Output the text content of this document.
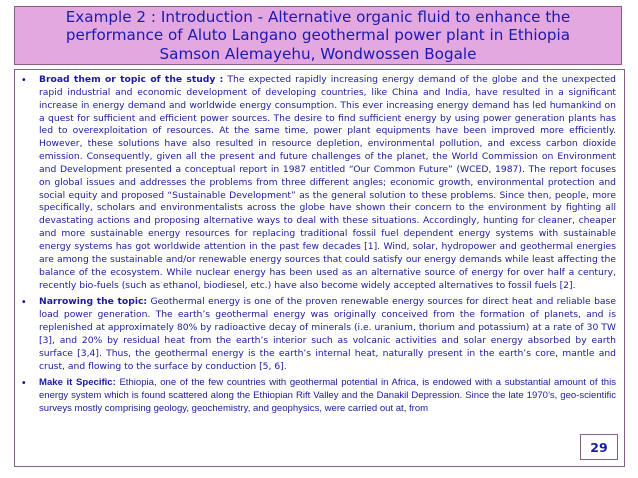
Example 2 : Introduction - Alternative organic fluid to enhance the
performance of Aluto Langano geothermal power plant in Ethiopia
Samson Alemayehu, Wondwossen Bogale
•	Broad them or topic of the study : The expected rapidly increasing energy demand of the globe and the unexpected rapid industrial and economic development of developing countries, like China and India, have resulted in a significant increase in energy demand and worldwide energy consumption. This ever increasing energy demand has led humankind on a quest for sufficient and efficient power sources. The desire to find sufficient energy by using power generation plants has led to overexploitation of resources. At the same time, power plant equipments have been improved more efficiently. However, these solutions have also resulted in resource depletion, environmental pollution, and excess carbon dioxide emission. Consequently, given all the present and future challenges of the planet, the World Commission on Environment and Development presented a conceptual report in 1987 entitled “Our Common Future” (WCED, 1987). The report focuses on global issues and addresses the problems from three different angles; economic growth, environmental protection and social equity and proposed “Sustainable Development” as the general solution to these problems. Since then, people, more specifically, scholars and environmentalists across the globe have shown their concern to the environment by fighting all devastating actions and proposing alternative ways to deal with these situations. Accordingly, hunting for cleaner, cheaper and more sustainable energy resources for replacing traditional fossil fuel dependent energy systems with sustainable energy systems has got worldwide attention in the past few decades [1]. Wind, solar, hydropower and geothermal energies are among the sustainable and/or renewable energy sources that could satisfy our energy demands while least affecting the balance of the ecosystem. While nuclear energy has been used as an alternative source of energy for over half a century, recently bio-fuels (such as ethanol, biodiesel, etc.) have also become widely accepted alternatives to fossil fuels [2].

•	Narrowing the topic: Geothermal energy is one of the proven renewable energy sources for direct heat and reliable base load power generation. The earth’s geothermal energy was originally conceived from the formation of planets, and is replenished at approximately 80% by radioactive decay of minerals (i.e. uranium, thorium and potassium) at a rate of 30 TW [3], and 20% by residual heat from the earth’s interior such as volcanic activities and solar energy absorbed by earth surface [3,4]. Thus, the geothermal energy is the earth’s internal heat, naturally present in the earth’s core, mantle and crust, and flowing to the surface by conduction [5, 6].

•	Make it Specific: Ethiopia, one of the few countries with geothermal potential in Africa, is endowed with a substantial amount of this energy system which is found scattered along the Ethiopian Rift Valley and the Danakil Depression. Since the late 1970’s, geo-scientific surveys mostly comprising geology, geochemistry, and geophysics, were carried out at, from

29
